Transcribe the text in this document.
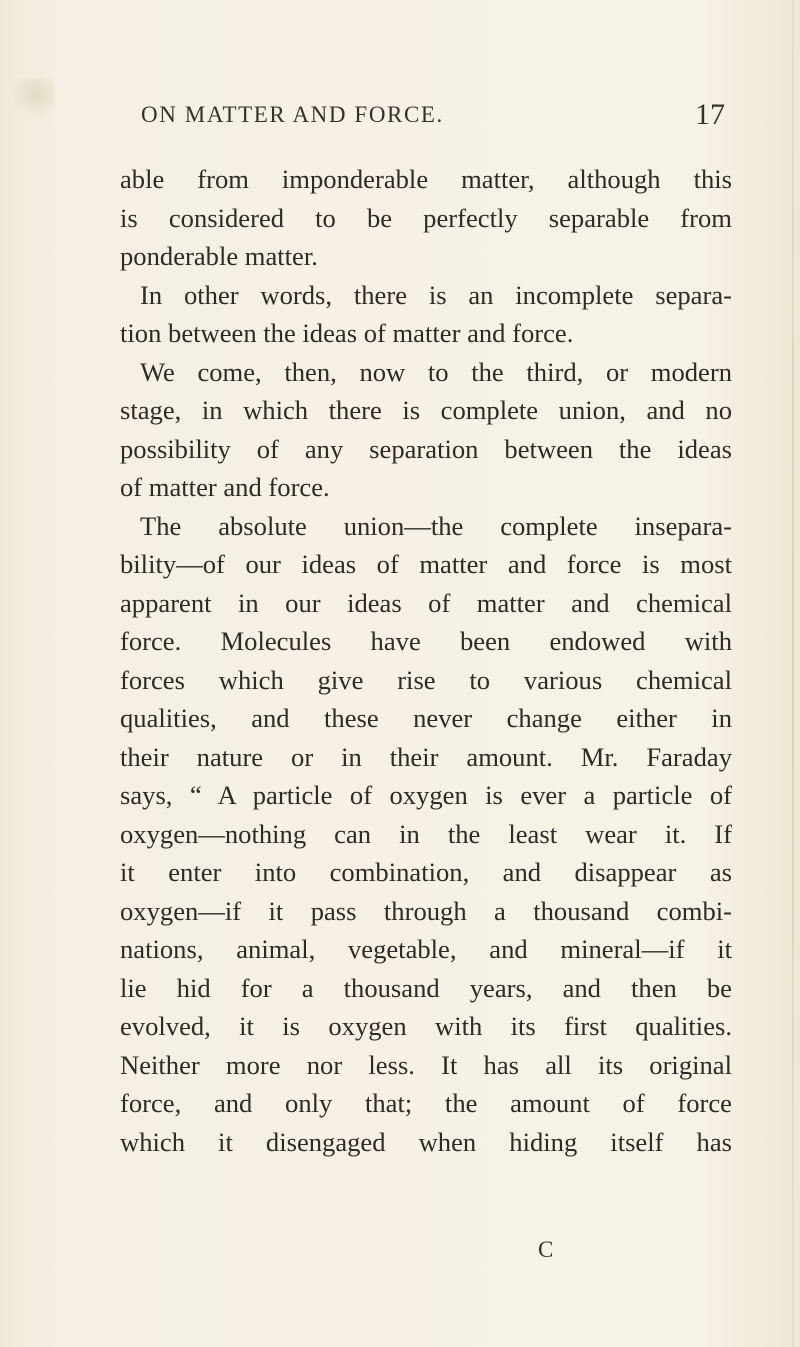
ON MATTER AND FORCE.	17
able from imponderable matter, although this
is considered to be perfectly separable from
ponderable matter.
In other words, there is an incomplete separa-
tion between the ideas of matter and force.
We come, then, now to the third, or modern
stage, in which there is complete union, and no
possibility of any separation between the ideas
of matter and force.
The absolute union—the complete insepara-
bility—of our ideas of matter and force is most
apparent in our ideas of matter and chemical
force. Molecules have been endowed with
forces which give rise to various chemical
qualities, and these never change either in
their nature or in their amount. Mr. Faraday
says, “ A particle of oxygen is ever a particle of
oxygen—nothing can in the least wear it. If
it enter into combination, and disappear as
oxygen—if it pass through a thousand combi-
nations, animal, vegetable, and mineral—if it
lie hid for a thousand years, and then be
evolved, it is oxygen with its first qualities.
Neither more nor less. It has all its original
force, and only that; the amount of force
which it disengaged when hiding itself has
C
